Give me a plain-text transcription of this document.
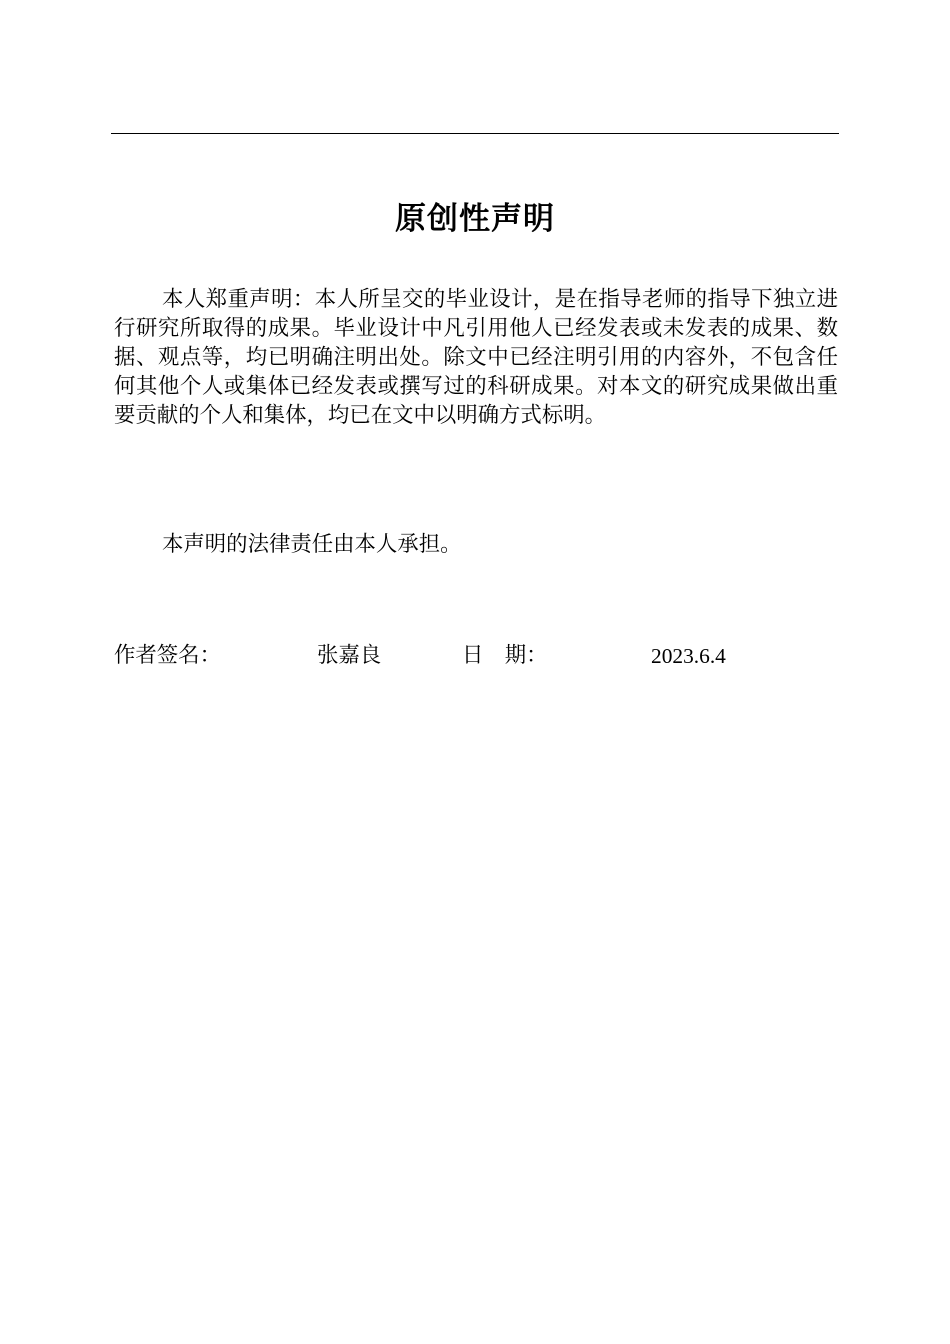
原创性声明

本人郑重声明：本人所呈交的毕业设计，是在指导老师的指导下独立进行研究所取得的成果。毕业设计中凡引用他人已经发表或未发表的成果、数据、观点等，均已明确注明出处。除文中已经注明引用的内容外，不包含任何其他个人或集体已经发表或撰写过的科研成果。对本文的研究成果做出重要贡献的个人和集体，均已在文中以明确方式标明。

本声明的法律责任由本人承担。

作者签名：	张嘉良	日　期：	2023.6.4
